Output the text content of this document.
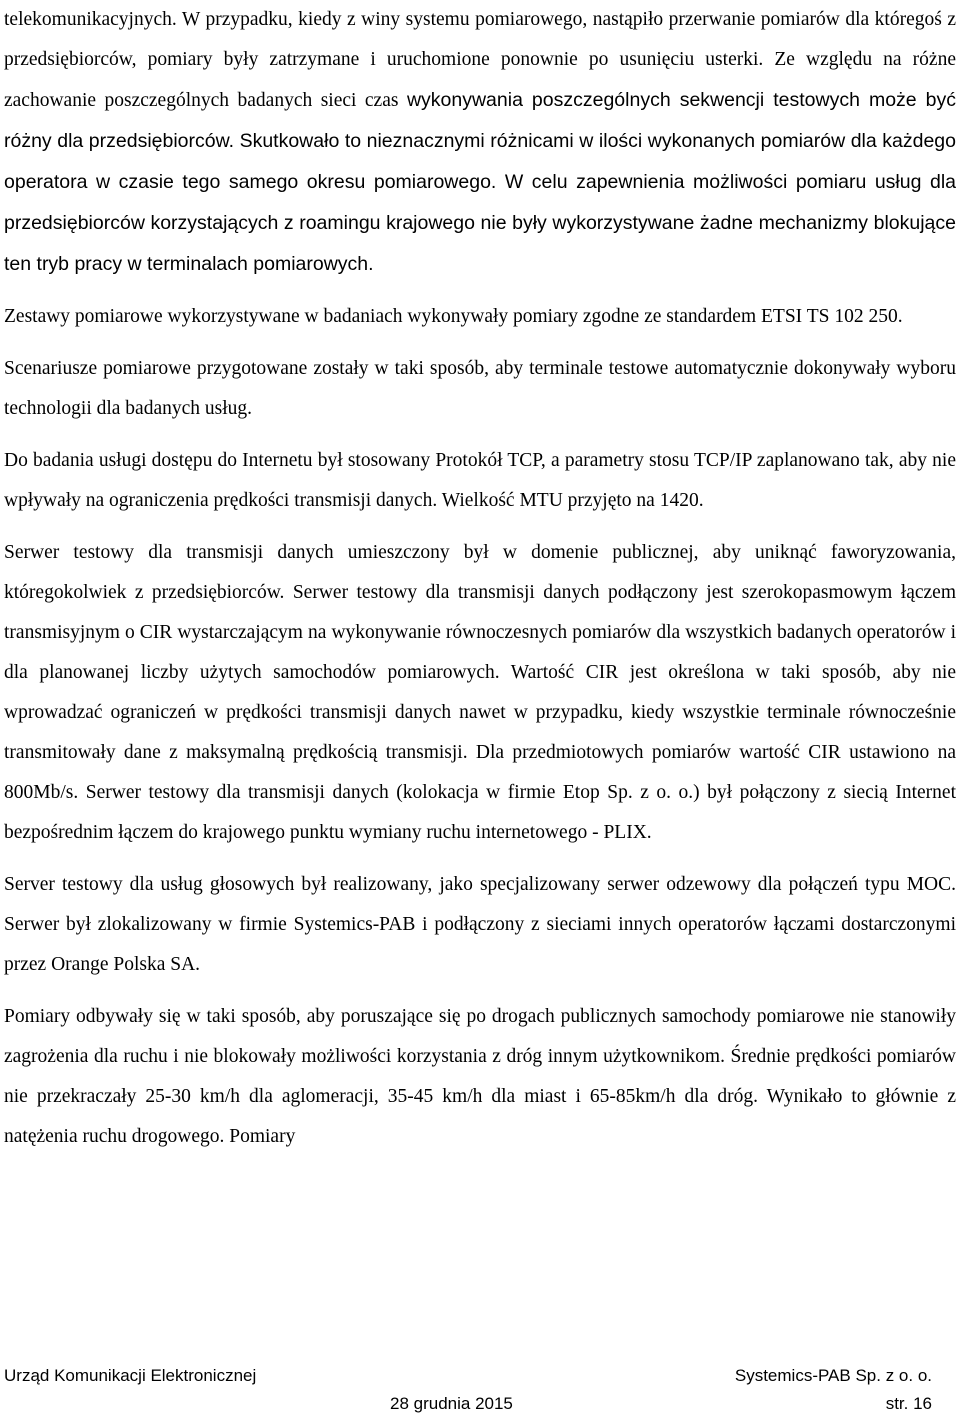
telekomunikacyjnych. W przypadku, kiedy z winy systemu pomiarowego, nastąpiło przerwanie pomiarów dla któregoś z przedsiębiorców, pomiary były zatrzymane i uruchomione ponownie po usunięciu usterki. Ze względu na różne zachowanie poszczególnych badanych sieci czas wykonywania poszczególnych sekwencji testowych może być różny dla przedsiębiorców. Skutkowało to nieznacznymi różnicami w ilości wykonanych pomiarów dla każdego operatora w czasie tego samego okresu pomiarowego. W celu zapewnienia możliwości pomiaru usług dla przedsiębiorców korzystających z roamingu krajowego nie były wykorzystywane żadne mechanizmy blokujące ten tryb pracy w terminalach pomiarowych.

Zestawy pomiarowe wykorzystywane w badaniach wykonywały pomiary zgodne ze standardem ETSI TS 102 250.

Scenariusze pomiarowe przygotowane zostały w taki sposób, aby terminale testowe automatycznie dokonywały wyboru technologii dla badanych usług.

Do badania usługi dostępu do Internetu był stosowany Protokół TCP, a parametry stosu TCP/IP zaplanowano tak, aby nie wpływały na ograniczenia prędkości transmisji danych. Wielkość MTU przyjęto na 1420.

Serwer testowy dla transmisji danych umieszczony był w domenie publicznej, aby uniknąć faworyzowania, któregokolwiek z przedsiębiorców. Serwer testowy dla transmisji danych podłączony jest szerokopasmowym łączem transmisyjnym o CIR wystarczającym na wykonywanie równoczesnych pomiarów dla wszystkich badanych operatorów i dla planowanej liczby użytych samochodów pomiarowych. Wartość CIR jest określona w taki sposób, aby nie wprowadzać ograniczeń w prędkości transmisji danych nawet w przypadku, kiedy wszystkie terminale równocześnie transmitowały dane z maksymalną prędkością transmisji. Dla przedmiotowych pomiarów wartość CIR ustawiono na 800Mb/s. Serwer testowy dla transmisji danych (kolokacja w firmie Etop Sp. z o. o.) był połączony z siecią Internet bezpośrednim łączem do krajowego punktu wymiany ruchu internetowego - PLIX.

Server testowy dla usług głosowych był realizowany, jako specjalizowany serwer odzewowy dla połączeń typu MOC. Serwer był zlokalizowany w firmie Systemics-PAB i podłączony z sieciami innych operatorów łączami dostarczonymi przez Orange Polska SA.

Pomiary odbywały się w taki sposób, aby poruszające się po drogach publicznych samochody pomiarowe nie stanowiły zagrożenia dla ruchu i nie blokowały możliwości korzystania z dróg innym użytkownikom. Średnie prędkości pomiarów nie przekraczały 25-30 km/h dla aglomeracji, 35-45 km/h dla miast i 65-85km/h dla dróg. Wynikało to głównie z natężenia ruchu drogowego. Pomiary

Urząd Komunikacji Elektronicznej	Systemics-PAB Sp. z o. o.
28 grudnia 2015	str. 16
